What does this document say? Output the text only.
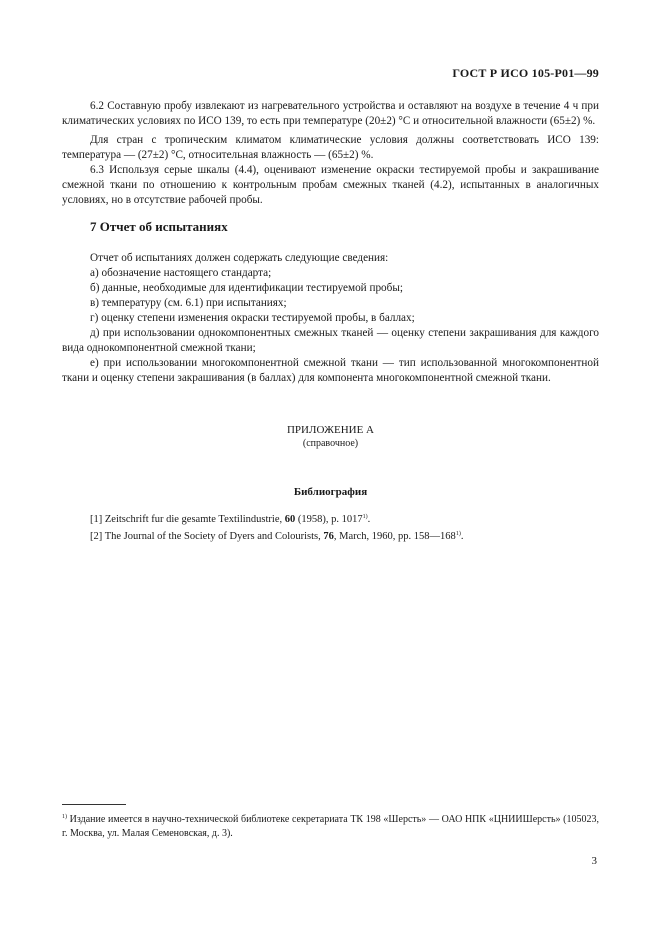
ГОСТ Р ИСО 105-Р01—99

6.2 Составную пробу извлекают из нагревательного устройства и оставляют на воздухе в течение 4 ч при климатических условиях по ИСО 139, то есть при температуре (20±2) °С и относительной влажности (65±2) %.

Для стран с тропическим климатом климатические условия должны соответствовать ИСО 139: температура — (27±2) °С, относительная влажность — (65±2) %.

6.3 Используя серые шкалы (4.4), оценивают изменение окраски тестируемой пробы и закрашивание смежной ткани по отношению к контрольным пробам смежных тканей (4.2), испытанных в аналогичных условиях, но в отсутствие рабочей пробы.

7 Отчет об испытаниях

Отчет об испытаниях должен содержать следующие сведения:

а) обозначение настоящего стандарта;

б) данные, необходимые для идентификации тестируемой пробы;

в) температуру (см. 6.1) при испытаниях;

г) оценку степени изменения окраски тестируемой пробы, в баллах;

д) при использовании однокомпонентных смежных тканей — оценку степени закрашивания для каждого вида однокомпонентной смежной ткани;

е) при использовании многокомпонентной смежной ткани — тип использованной многокомпонентной ткани и оценку степени закрашивания (в баллах) для компонента многокомпонентной смежной ткани.

ПРИЛОЖЕНИЕ А
(справочное)
Библиография
[1] Zeitschrift fur die gesamte Textilindustrie, 60 (1958), p. 1017$^{1)}$.
[2] The Journal of the Society of Dyers and Colourists, 76, March, 1960, pp. 158—168$^{1)}$.
$^{1)}$ Издание имеется в научно-технической библиотеке секретариата ТК 198 «Шерсть» — ОАО НПК «ЦНИИШерсть» (105023, г. Москва, ул. Малая Семеновская, д. 3).
3
